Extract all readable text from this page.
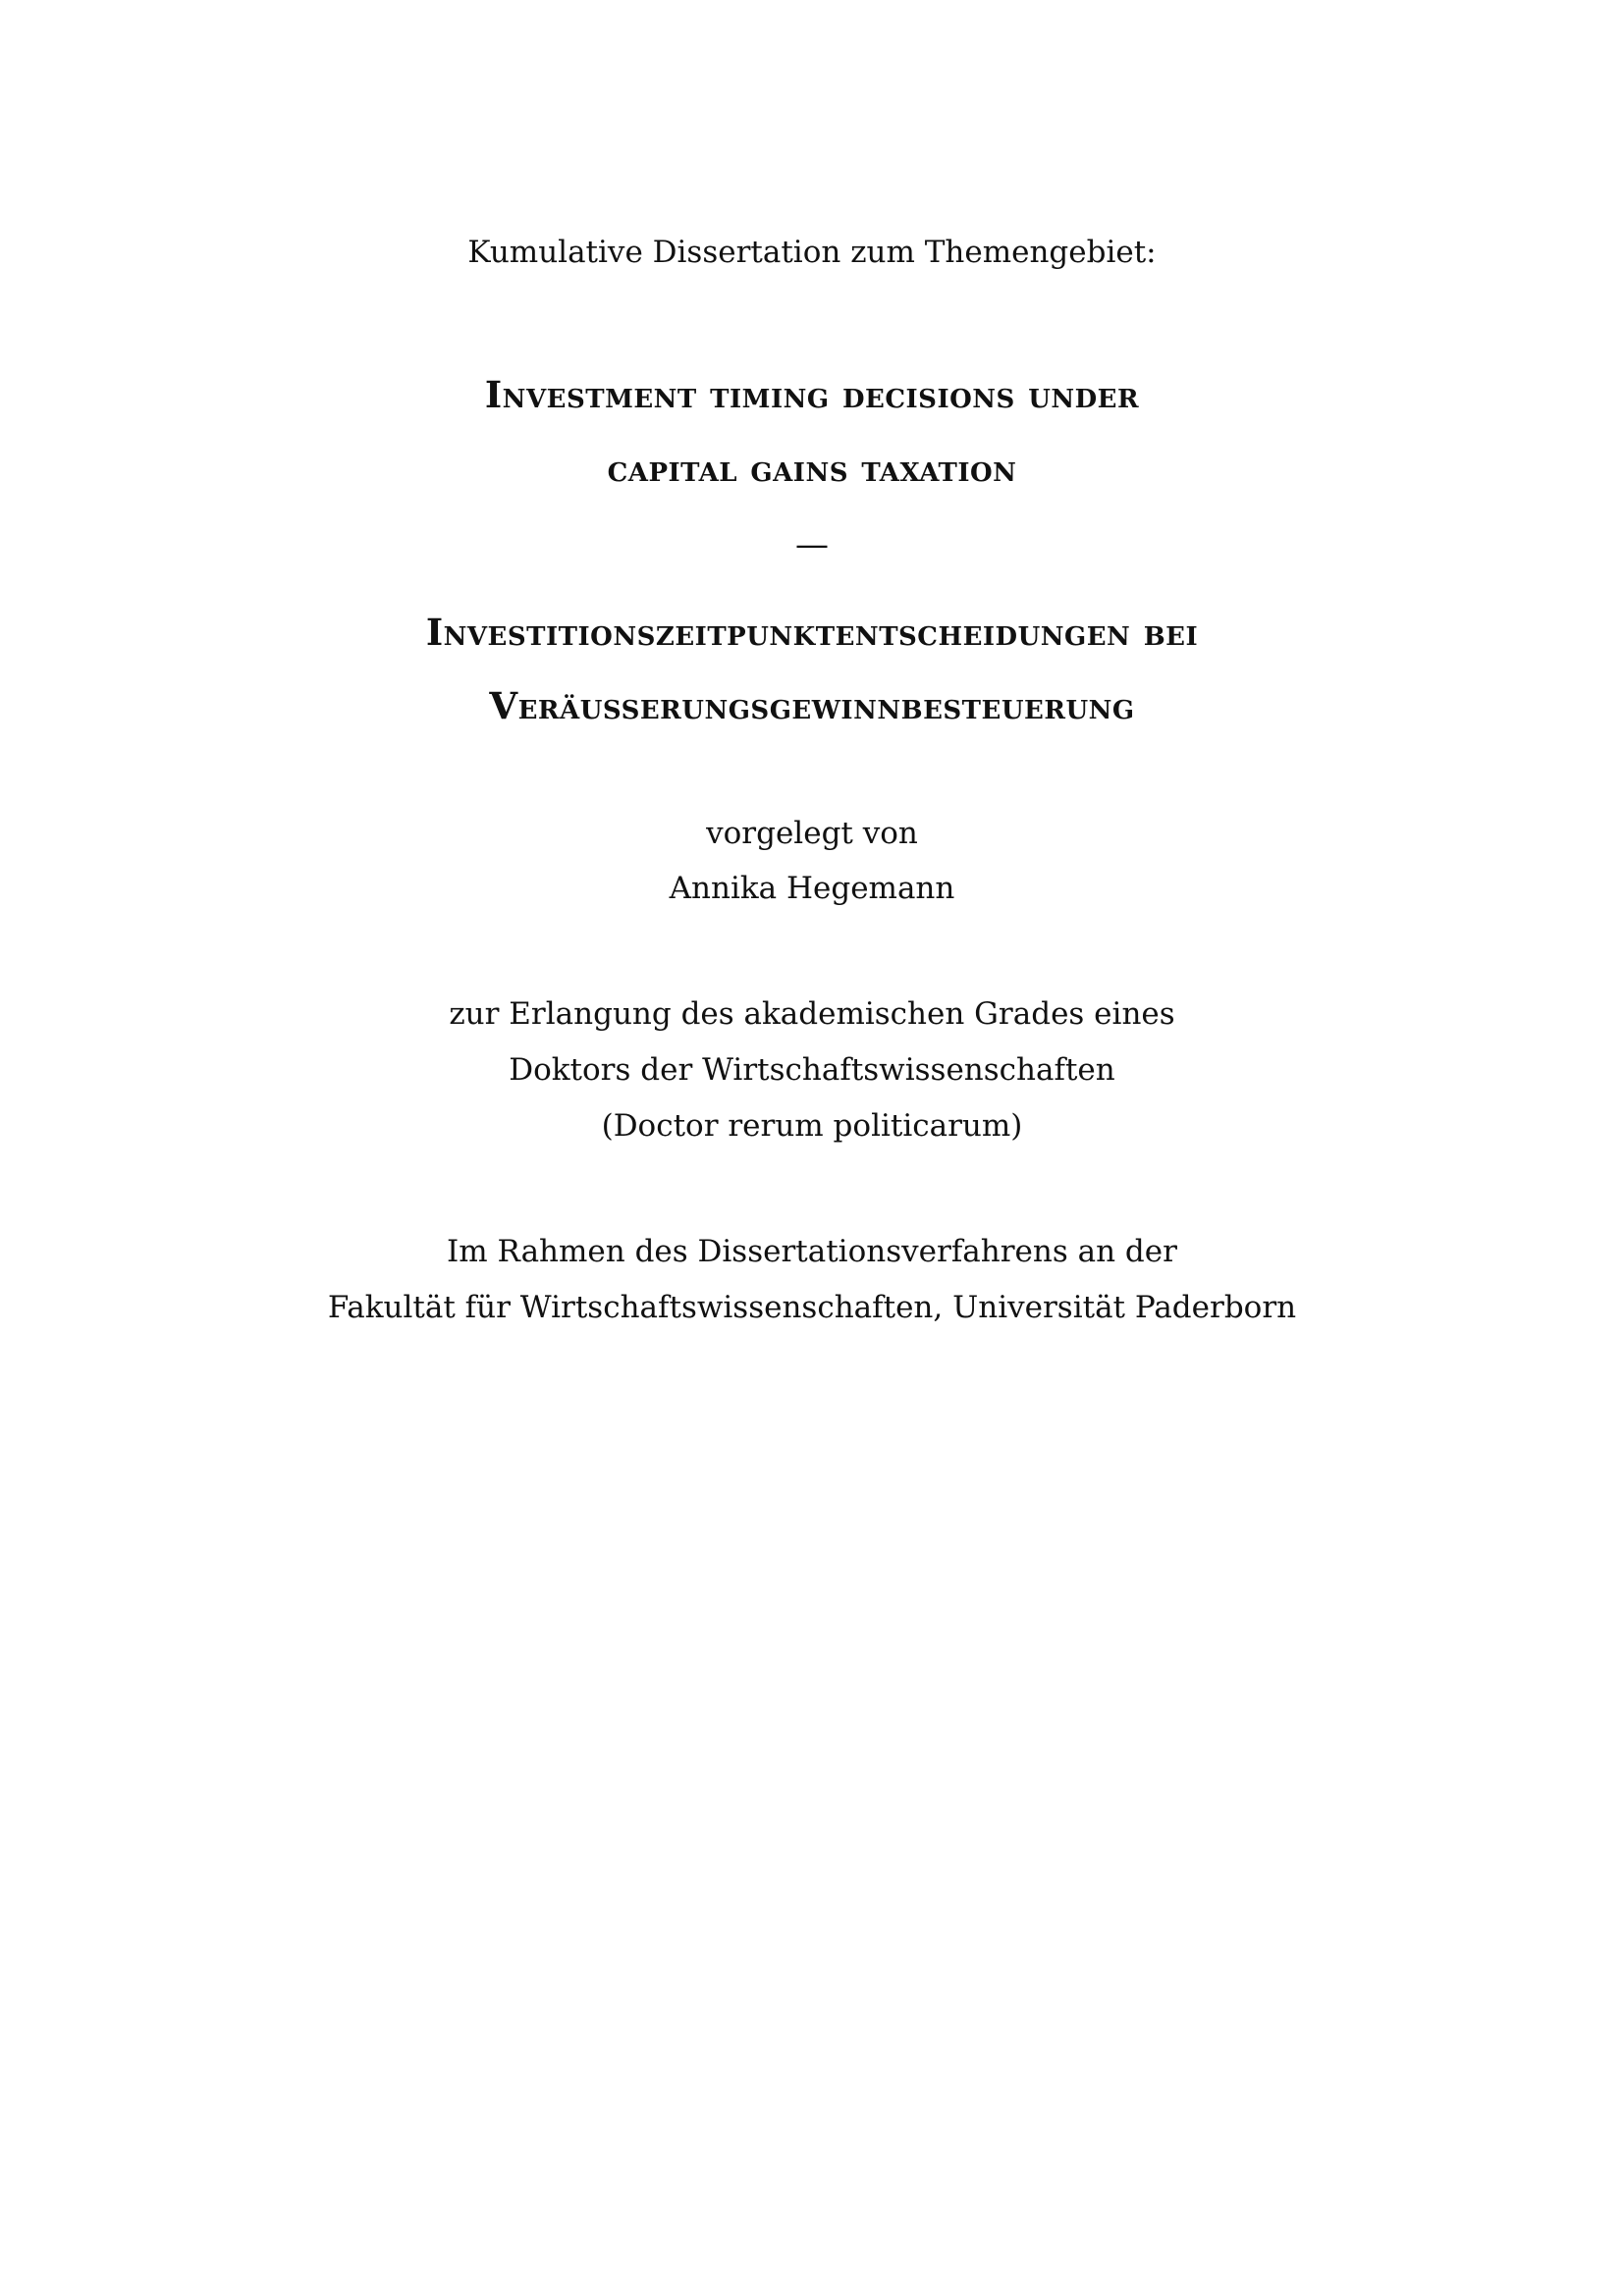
Kumulative Dissertation zum Themengebiet:
Investment timing decisions under
capital gains taxation
—
Investitionszeitpunktentscheidungen bei
Veräusserungsgewinnbesteuerung
vorgelegt von
Annika Hegemann
zur Erlangung des akademischen Grades eines
Doktors der Wirtschaftswissenschaften
(Doctor rerum politicarum)
Im Rahmen des Dissertationsverfahrens an der
Fakultät für Wirtschaftswissenschaften, Universität Paderborn
